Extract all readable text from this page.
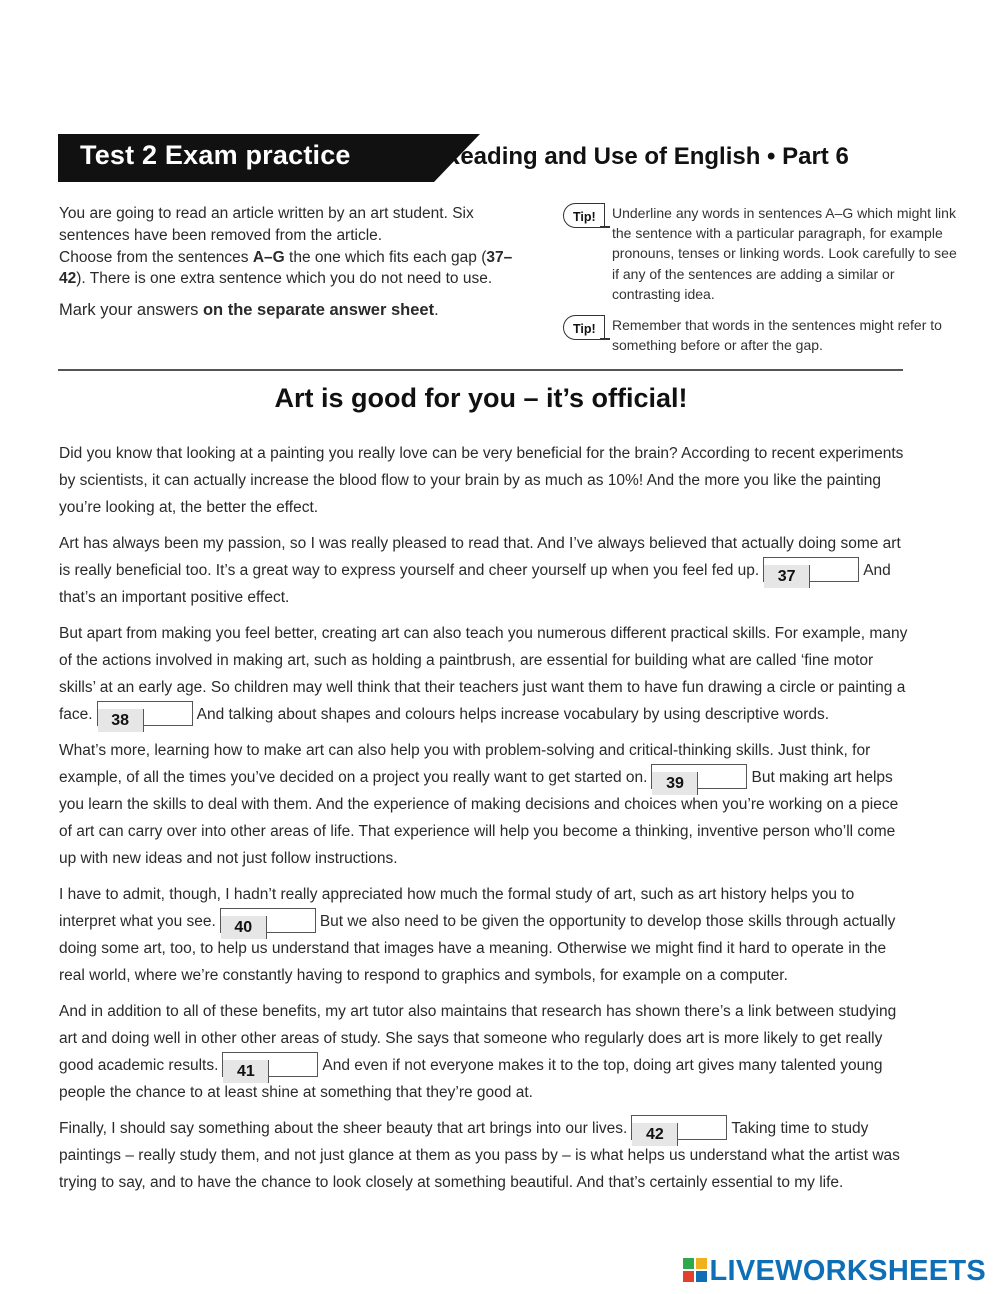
Test 2 Exam practice	Reading and Use of English • Part 6

You are going to read an article written by an art student. Six sentences have been removed from the article.

Choose from the sentences A–G the one which fits each gap (37–42). There is one extra sentence which you do not need to use.

Mark your answers on the separate answer sheet.

Tip! Underline any words in sentences A–G which might link the sentence with a particular paragraph, for example pronouns, tenses or linking words. Look carefully to see if any of the sentences are adding a similar or contrasting idea.
Tip! Remember that words in the sentences might refer to something before or after the gap.
Art is good for you – it’s official!

Did you know that looking at a painting you really love can be very beneficial for the brain? According to recent experiments by scientists, it can actually increase the blood flow to your brain by as much as 10%! And the more you like the painting you’re looking at, the better the effect.

Art has always been my passion, so I was really pleased to read that. And I’ve always believed that actually doing some art is really beneficial too. It’s a great way to express yourself and cheer yourself up when you feel fed up. 37	And that’s an important positive effect.

But apart from making you feel better, creating art can also teach you numerous different practical skills. For example, many of the actions involved in making art, such as holding a paintbrush, are essential for building what are called ‘fine motor skills’ at an early age. So children may well think that their teachers just want them to have fun drawing a circle or painting a face. 38	And talking about shapes and colours helps increase vocabulary by using descriptive words.

What’s more, learning how to make art can also help you with problem-solving and critical-thinking skills. Just think, for example, of all the times you’ve decided on a project you really want to get started on. 39	But making art helps you learn the skills to deal with them. And the experience of making decisions and choices when you’re working on a piece of art can carry over into other areas of life. That experience will help you become a thinking, inventive person who’ll come up with new ideas and not just follow instructions.

I have to admit, though, I hadn’t really appreciated how much the formal study of art, such as art history helps you to interpret what you see. 40	But we also need to be given the opportunity to develop those skills through actually doing some art, too, to help us understand that images have a meaning. Otherwise we might find it hard to operate in the real world, where we’re constantly having to respond to graphics and symbols, for example on a computer.

And in addition to all of these benefits, my art tutor also maintains that research has shown there’s a link between studying art and doing well in other other areas of study. She says that someone who regularly does art is more likely to get really good academic results. 41	And even if not everyone makes it to the top, doing art gives many talented young people the chance to at least shine at something that they’re good at.

Finally, I should say something about the sheer beauty that art brings into our lives. 42	Taking time to study paintings – really study them, and not just glance at them as you pass by – is what helps us understand what the artist was trying to say, and to have the chance to look closely at something beautiful. And that’s certainly essential to my life.

LIVEWORKSHEETS
